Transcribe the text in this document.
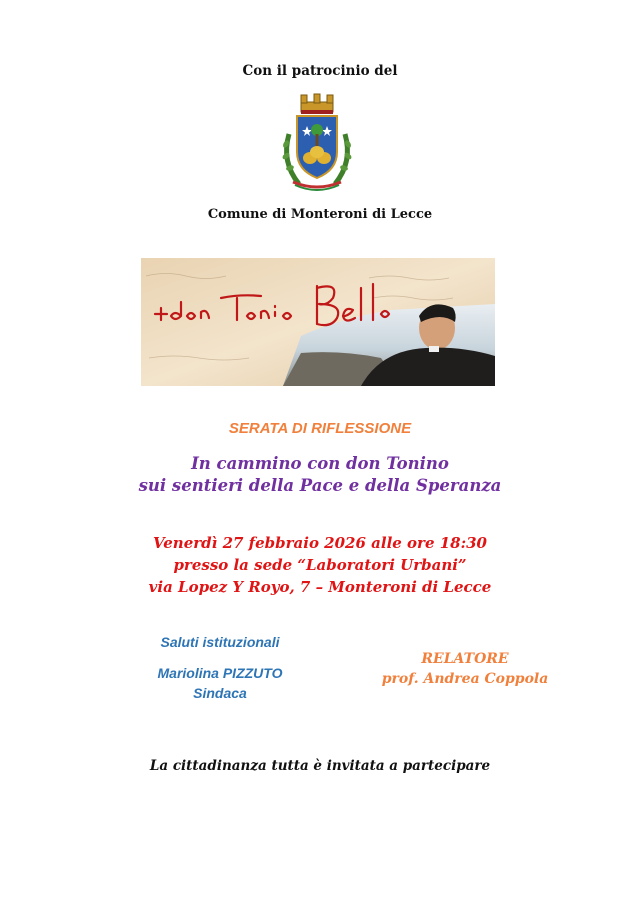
Con il patrocinio del
Comune di Monteroni di Lecce
SERATA DI RIFLESSIONE
In cammino con don Tonino
sui sentieri della Pace e della Speranza
Venerdì 27 febbraio 2026 alle ore 18:30
presso la sede “Laboratori Urbani”
via Lopez Y Royo, 7 – Monteroni di Lecce
Saluti istituzionali
Mariolina PIZZUTO
Sindaca
RELATORE
prof. Andrea Coppola
La cittadinanza tutta è invitata a partecipare
